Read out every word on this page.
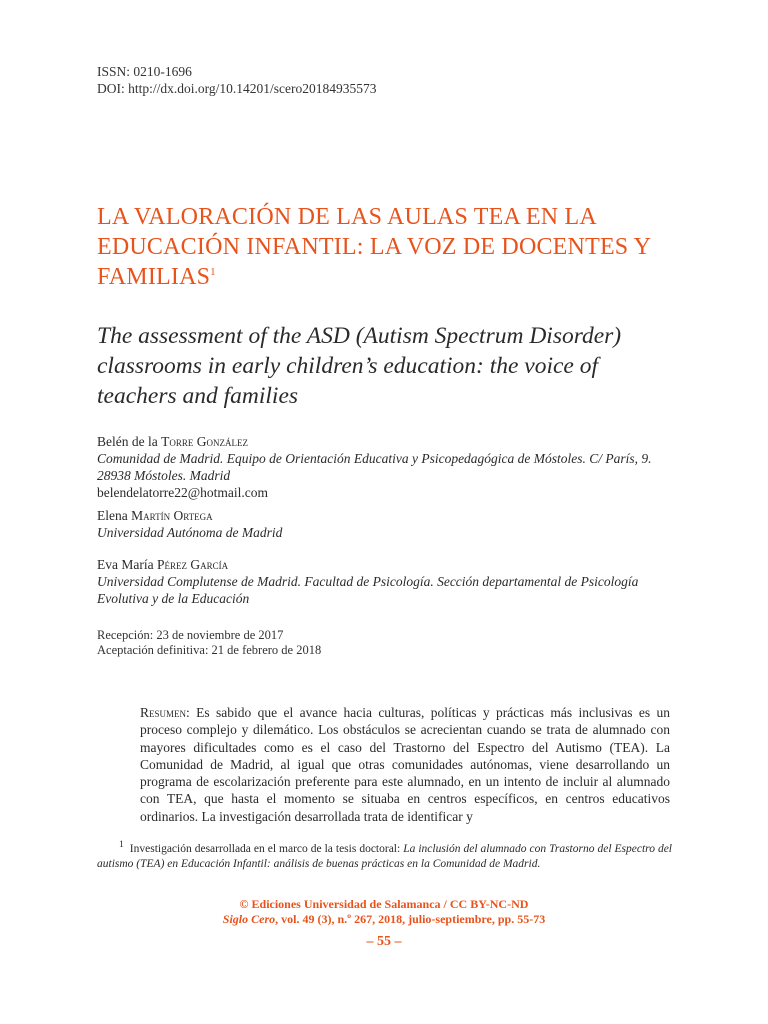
ISSN: 0210-1696
DOI: http://dx.doi.org/10.14201/scero20184935573
LA VALORACIÓN DE LAS AULAS TEA EN LA EDUCACIÓN INFANTIL: LA VOZ DE DOCENTES Y FAMILIAS$^1$
The assessment of the ASD (Autism Spectrum Disorder) classrooms in early children’s education: the voice of teachers and families
Belén de la Torre González
Comunidad de Madrid. Equipo de Orientación Educativa y Psicopedagógica de Móstoles. C/ París, 9. 28938 Móstoles. Madrid
belendelatorre22@hotmail.com
Elena Martín Ortega
Universidad Autónoma de Madrid
Eva María Pérez García
Universidad Complutense de Madrid. Facultad de Psicología. Sección departamental de Psicología Evolutiva y de la Educación
Recepción: 23 de noviembre de 2017
Aceptación definitiva: 21 de febrero de 2018
Resumen: Es sabido que el avance hacia culturas, políticas y prácticas más inclusivas es un proceso complejo y dilemático. Los obstáculos se acrecientan cuando se trata de alumnado con mayores dificultades como es el caso del Trastorno del Espectro del Autismo (TEA). La Comunidad de Madrid, al igual que otras comunidades autónomas, viene desarrollando un programa de escolarización preferente para este alumnado, en un intento de incluir al alumnado con TEA, que hasta el momento se situaba en centros específicos, en centros educativos ordinarios. La investigación desarrollada trata de identificar y
$^1$ Investigación desarrollada en el marco de la tesis doctoral: La inclusión del alumnado con Trastorno del Espectro del autismo (TEA) en Educación Infantil: análisis de buenas prácticas en la Comunidad de Madrid.
© Ediciones Universidad de Salamanca / CC BY-NC-ND
Siglo Cero, vol. 49 (3), n.º 267, 2018, julio-septiembre, pp. 55-73
– 55 –
